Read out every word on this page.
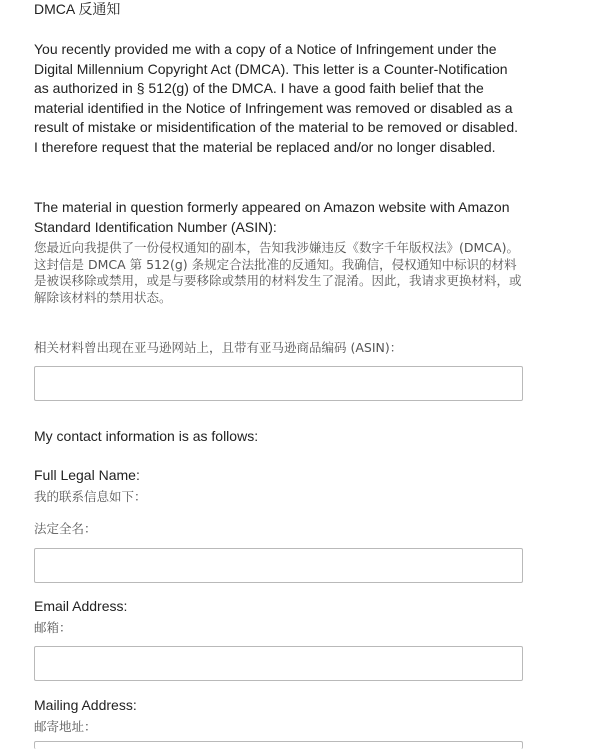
DMCA 反通知

You recently provided me with a copy of a Notice of Infringement under the Digital Millennium Copyright Act (DMCA). This letter is a Counter-Notification as authorized in § 512(g) of the DMCA. I have a good faith belief that the material identified in the Notice of Infringement was removed or disabled as a result of mistake or misidentification of the material to be removed or disabled. I therefore request that the material be replaced and/or no longer disabled.

The material in question formerly appeared on Amazon website with Amazon Standard Identification Number (ASIN):

您最近向我提供了一份侵权通知的副本，告知我涉嫌违反《数字千年版权法》(DMCA)。这封信是 DMCA 第 512(g) 条规定合法批准的反通知。我确信，侵权通知中标识的材料是被误移除或禁用，或是与要移除或禁用的材料发生了混淆。因此，我请求更换材料，或解除该材料的禁用状态。

相关材料曾出现在亚马逊网站上，且带有亚马逊商品编码 (ASIN)：
My contact information is as follows:
Full Legal Name:
我的联系信息如下：
法定全名：
Email Address:
邮箱：
Mailing Address:
邮寄地址：
